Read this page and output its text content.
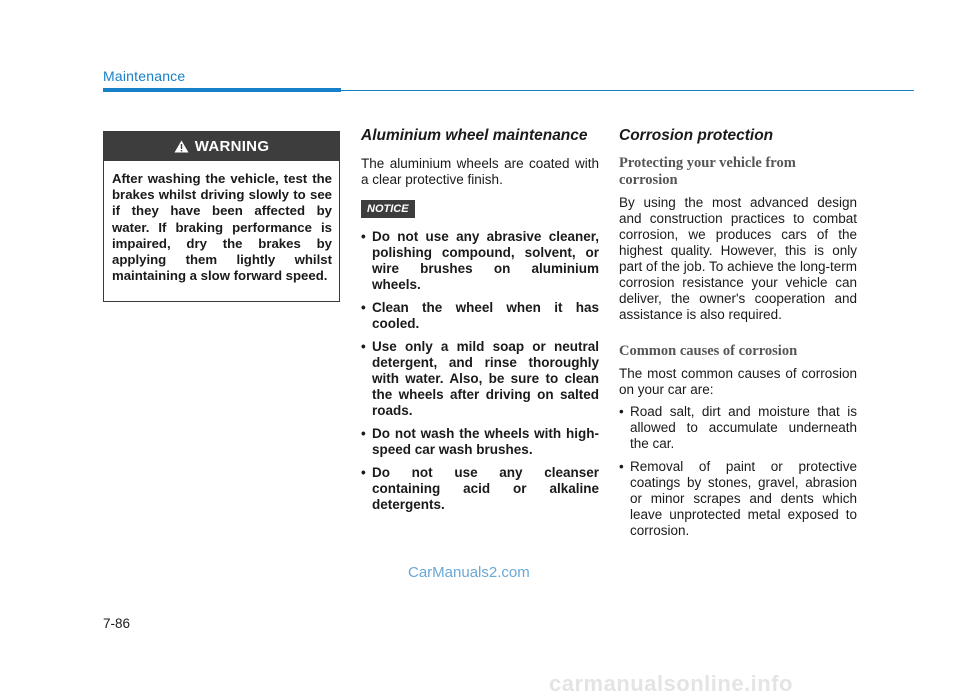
Maintenance
WARNING
After washing the vehicle, test the brakes whilst driving slowly to see if they have been affected by water. If braking performance is impaired, dry the brakes by applying them lightly whilst maintaining a slow forward speed.
Aluminium wheel maintenance

The aluminium wheels are coated with a clear protective finish.

NOTICE
• Do not use any abrasive cleaner, polishing compound, solvent, or wire brushes on aluminium wheels.
• Clean the wheel when it has cooled.
• Use only a mild soap or neutral detergent, and rinse thoroughly with water. Also, be sure to clean the wheels after driving on salted roads.
• Do not wash the wheels with high-speed car wash brushes.
• Do not use any cleanser containing acid or alkaline detergents.
Corrosion protection
Protecting your vehicle from corrosion

By using the most advanced design and construction practices to combat corrosion, we produces cars of the highest quality. However, this is only part of the job. To achieve the long-term corrosion resistance your vehicle can deliver, the owner's cooperation and assistance is also required.

Common causes of corrosion

The most common causes of corrosion on your car are:

• Road salt, dirt and moisture that is allowed to accumulate underneath the car.
• Removal of paint or protective coatings by stones, gravel, abrasion or minor scrapes and dents which leave unprotected metal exposed to corrosion.
CarManuals2.com
7-86
carmanualsonline.info
